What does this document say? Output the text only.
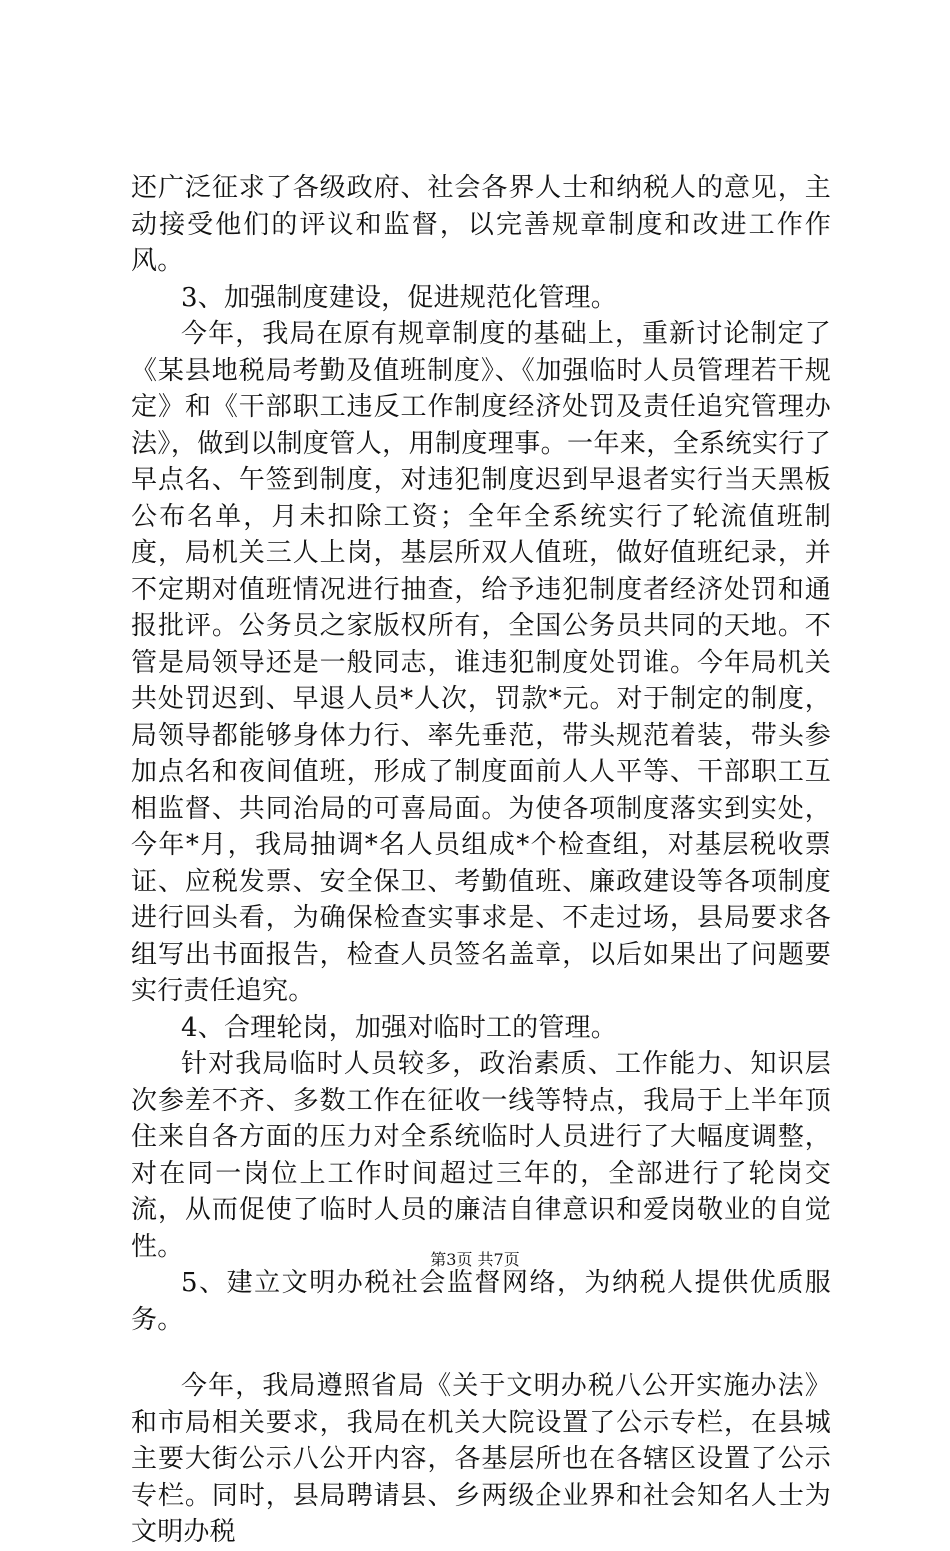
还广泛征求了各级政府、社会各界人士和纳税人的意见，主动接受他们的评议和监督，以完善规章制度和改进工作作风。

3、加强制度建设，促进规范化管理。

今年，我局在原有规章制度的基础上，重新讨论制定了《某县地税局考勤及值班制度》、《加强临时人员管理若干规定》和《干部职工违反工作制度经济处罚及责任追究管理办法》，做到以制度管人，用制度理事。一年来，全系统实行了早点名、午签到制度，对违犯制度迟到早退者实行当天黑板公布名单，月未扣除工资；全年全系统实行了轮流值班制度，局机关三人上岗，基层所双人值班，做好值班纪录，并不定期对值班情况进行抽查，给予违犯制度者经济处罚和通报批评。公务员之家版权所有，全国公务员共同的天地。不管是局领导还是一般同志，谁违犯制度处罚谁。今年局机关共处罚迟到、早退人员*人次，罚款*元。对于制定的制度，局领导都能够身体力行、率先垂范，带头规范着装，带头参加点名和夜间值班，形成了制度面前人人平等、干部职工互相监督、共同治局的可喜局面。为使各项制度落实到实处，今年*月，我局抽调*名人员组成*个检查组，对基层税收票证、应税发票、安全保卫、考勤值班、廉政建设等各项制度进行回头看，为确保检查实事求是、不走过场，县局要求各组写出书面报告，检查人员签名盖章，以后如果出了问题要实行责任追究。

4、合理轮岗，加强对临时工的管理。

针对我局临时人员较多，政治素质、工作能力、知识层次参差不齐、多数工作在征收一线等特点，我局于上半年顶住来自各方面的压力对全系统临时人员进行了大幅度调整，对在同一岗位上工作时间超过三年的，全部进行了轮岗交流，从而促使了临时人员的廉洁自律意识和爱岗敬业的自觉性。

5、建立文明办税社会监督网络，为纳税人提供优质服务。

今年，我局遵照省局《关于文明办税八公开实施办法》和市局相关要求，我局在机关大院设置了公示专栏，在县城主要大街公示八公开内容，各基层所也在各辖区设置了公示专栏。同时，县局聘请县、乡两级企业界和社会知名人士为文明办税

第3页 共7页
